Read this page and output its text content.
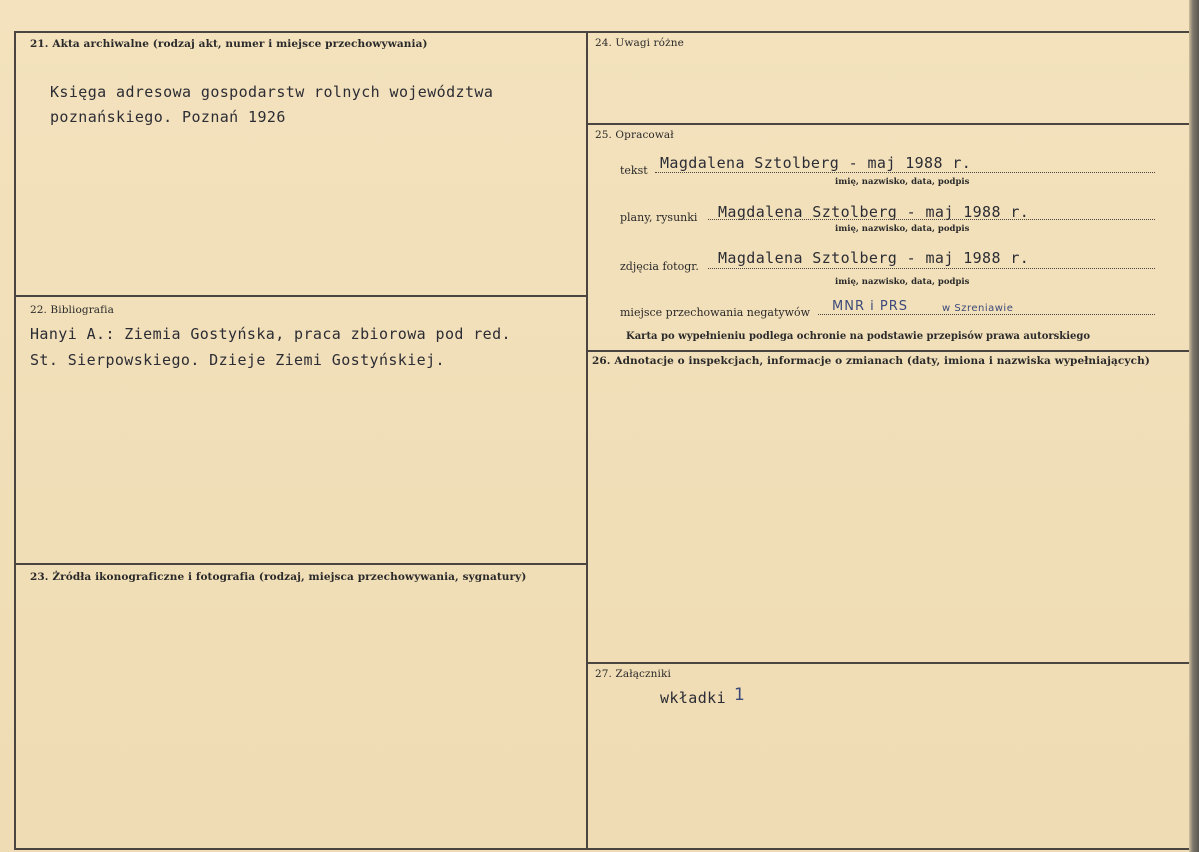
21. Akta archiwalne (rodzaj akt, numer i miejsce przechowywania)
Księga adresowa gospodarstw rolnych województwa
poznańskiego. Poznań 1926
22. Bibliografia
Hanyi A.: Ziemia Gostyńska, praca zbiorowa pod red.
St. Sierpowskiego. Dzieje Ziemi Gostyńskiej.
23. Żródła ikonograficzne i fotografia (rodzaj, miejsca przechowywania, sygnatury)
24. Uwagi różne
25. Opracował
tekst Magdalena Sztolberg - maj 1988 r.
imię, nazwisko, data, podpis
plany, rysunki Magdalena Sztolberg - maj 1988 r.
imię, nazwisko, data, podpis
zdjęcia fotogr. Magdalena Sztolberg - maj 1988 r.
imię, nazwisko, data, podpis
miejsce przechowania negatywów MNR i PRS	w Szreniawie
Karta po wypełnieniu podlega ochronie na podstawie przepisów prawa autorskiego
26. Adnotacje o inspekcjach, informacje o zmianach (daty, imiona i nazwiska wypełniających)
27. Załączniki
wkładki 1
